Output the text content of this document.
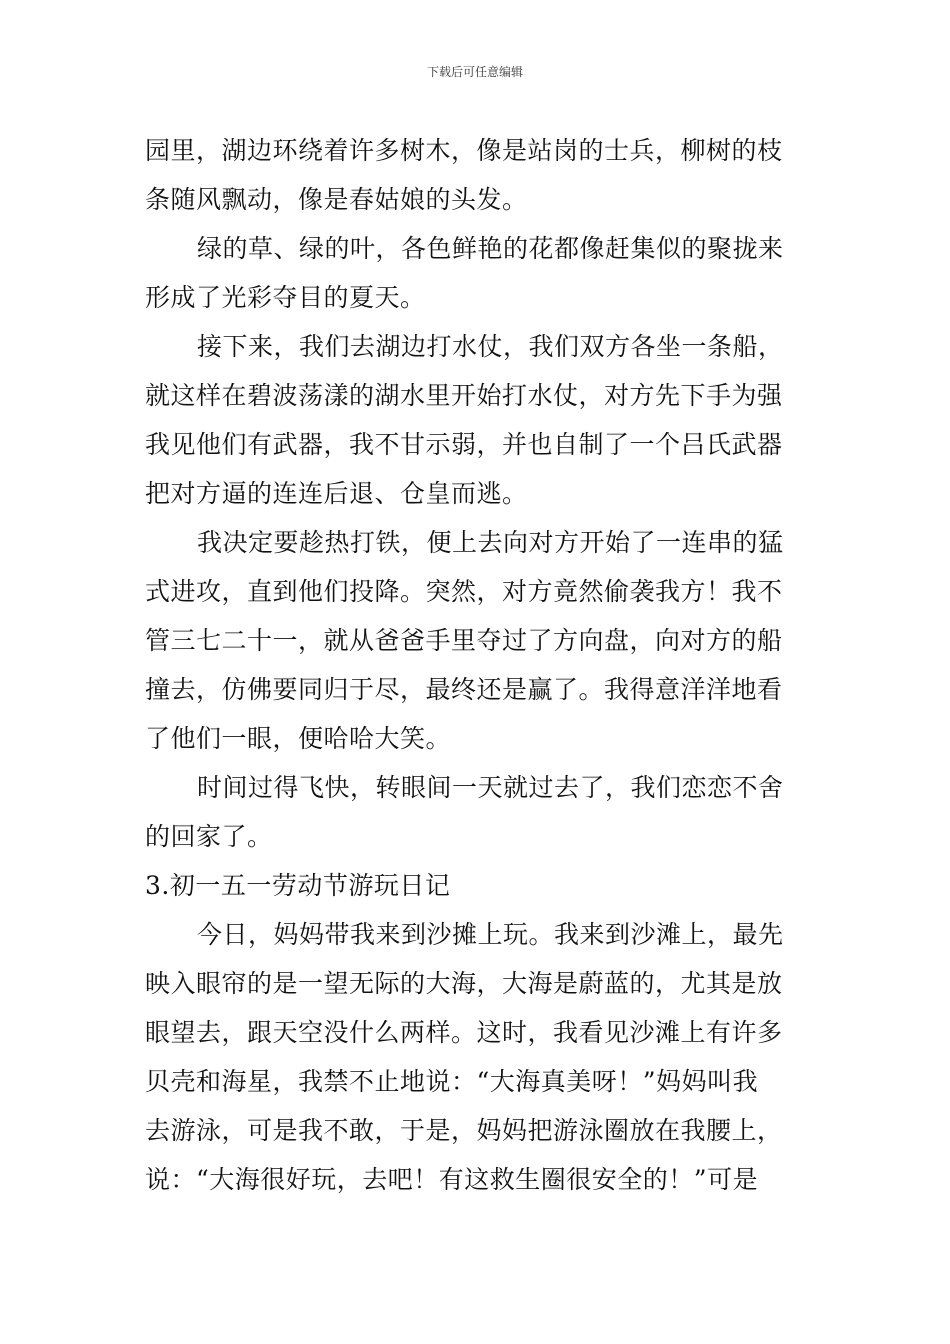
下载后可任意编辑
园里，湖边环绕着许多树木，像是站岗的士兵，柳树的枝
条随风飘动，像是春姑娘的头发。
绿的草、绿的叶，各色鲜艳的花都像赶集似的聚拢来
形成了光彩夺目的夏天。
接下来，我们去湖边打水仗，我们双方各坐一条船，
就这样在碧波荡漾的湖水里开始打水仗，对方先下手为强
我见他们有武器，我不甘示弱，并也自制了一个吕氏武器
把对方逼的连连后退、仓皇而逃。
我决定要趁热打铁，便上去向对方开始了一连串的猛
式进攻，直到他们投降。突然，对方竟然偷袭我方！我不
管三七二十一，就从爸爸手里夺过了方向盘，向对方的船
撞去，仿佛要同归于尽，最终还是赢了。我得意洋洋地看
了他们一眼，便哈哈大笑。
时间过得飞快，转眼间一天就过去了，我们恋恋不舍
的回家了。
3.初一五一劳动节游玩日记
今日，妈妈带我来到沙摊上玩。我来到沙滩上，最先
映入眼帘的是一望无际的大海，大海是蔚蓝的，尤其是放
眼望去，跟天空没什么两样。这时，我看见沙滩上有许多
贝壳和海星，我禁不止地说：“大海真美呀！”妈妈叫我
去游泳，可是我不敢，于是，妈妈把游泳圈放在我腰上，
说：“大海很好玩，去吧！有这救生圈很安全的！”可是
